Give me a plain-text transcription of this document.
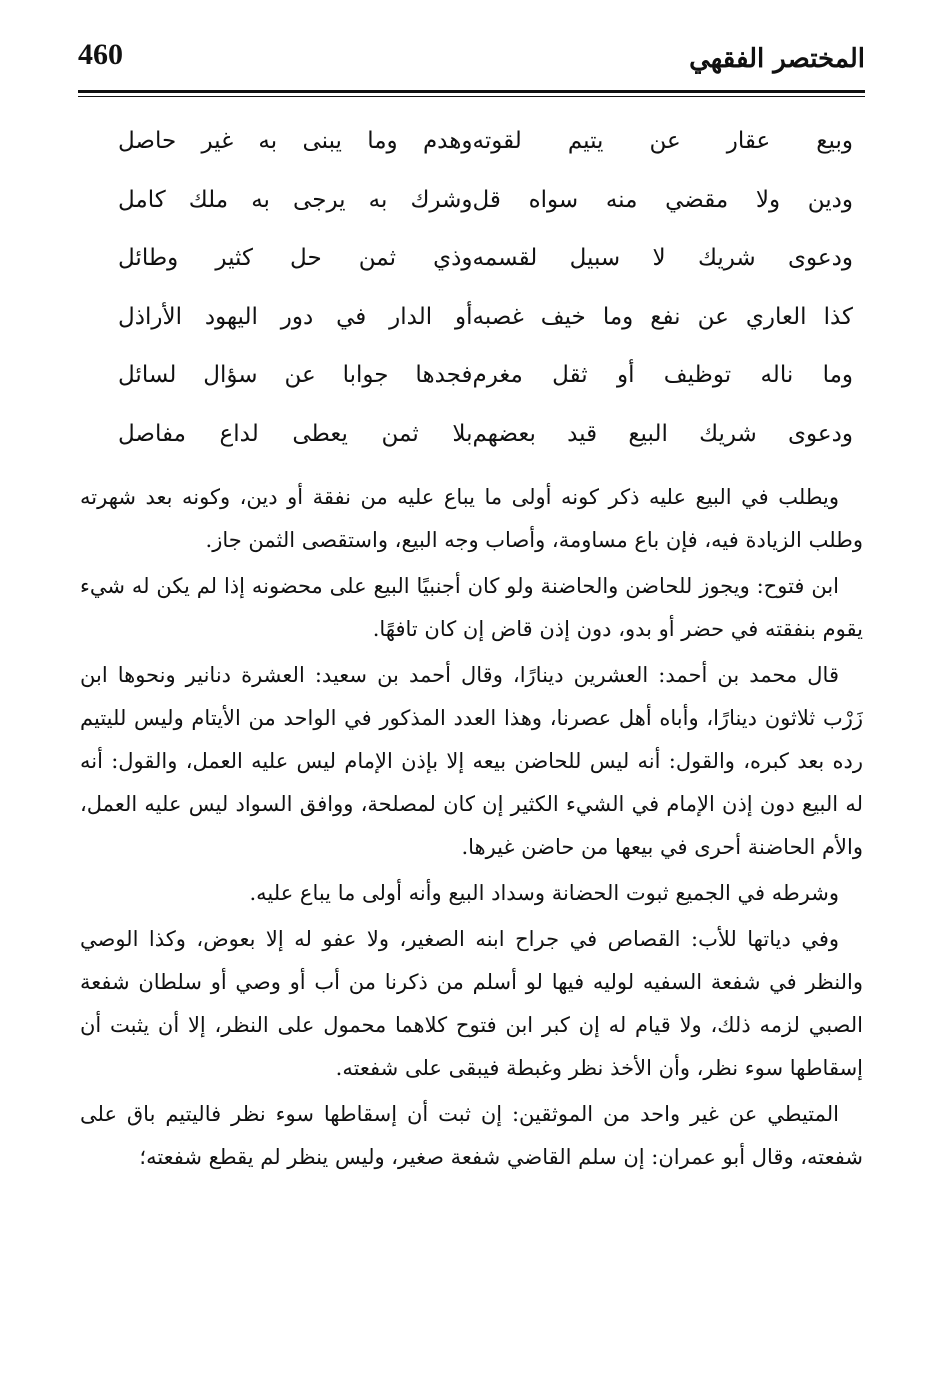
460	المختصر الفقهي
وبيع عقار عن يتيم لقوته
وهدم وما يبنى به غير حاصل
ودين ولا مقضي منه سواه قل
وشرك به يرجى به ملك كامل
ودعوى شريك لا سبيل لقسمه
وذي ثمن حل كثير وطائل
كذا العاري عن نفع وما خيف غصبه
أو الدار في دور اليهود الأراذل
وما ناله توظيف أو ثقل مغرم
فجدها جوابا عن سؤال لسائل
ودعوى شريك البيع قيد بعضهم
بلا ثمن يعطى لداع مفاصل

ويطلب في البيع عليه ذكر كونه أولى ما يباع عليه من نفقة أو دين، وكونه بعد شهرته وطلب الزيادة فيه، فإن باع مساومة، وأصاب وجه البيع، واستقصى الثمن جاز.

ابن فتوح: ويجوز للحاضن والحاضنة ولو كان أجنبيًا البيع على محضونه إذا لم يكن له شيء يقوم بنفقته في حضر أو بدو، دون إذن قاض إن كان تافهًا.

قال محمد بن أحمد: العشرين دينارًا، وقال أحمد بن سعيد: العشرة دنانير ونحوها ابن زَرْب ثلاثون دينارًا، وأباه أهل عصرنا، وهذا العدد المذكور في الواحد من الأيتام وليس لليتيم رده بعد كبره، والقول: أنه ليس للحاضن بيعه إلا بإذن الإمام ليس عليه العمل، والقول: أنه له البيع دون إذن الإمام في الشيء الكثير إن كان لمصلحة، ووافق السواد ليس عليه العمل، والأم الحاضنة أحرى في بيعها من حاضن غيرها.

وشرطه في الجميع ثبوت الحضانة وسداد البيع وأنه أولى ما يباع عليه.

وفي دياتها للأب: القصاص في جراح ابنه الصغير، ولا عفو له إلا بعوض، وكذا الوصي والنظر في شفعة السفيه لوليه فيها لو أسلم من ذكرنا من أب أو وصي أو سلطان شفعة الصبي لزمه ذلك، ولا قيام له إن كبر ابن فتوح كلاهما محمول على النظر، إلا أن يثبت أن إسقاطها سوء نظر، وأن الأخذ نظر وغبطة فيبقى على شفعته.

المتيطي عن غير واحد من الموثقين: إن ثبت أن إسقاطها سوء نظر فاليتيم باق على شفعته، وقال أبو عمران: إن سلم القاضي شفعة صغير، وليس ينظر لم يقطع شفعته؛
